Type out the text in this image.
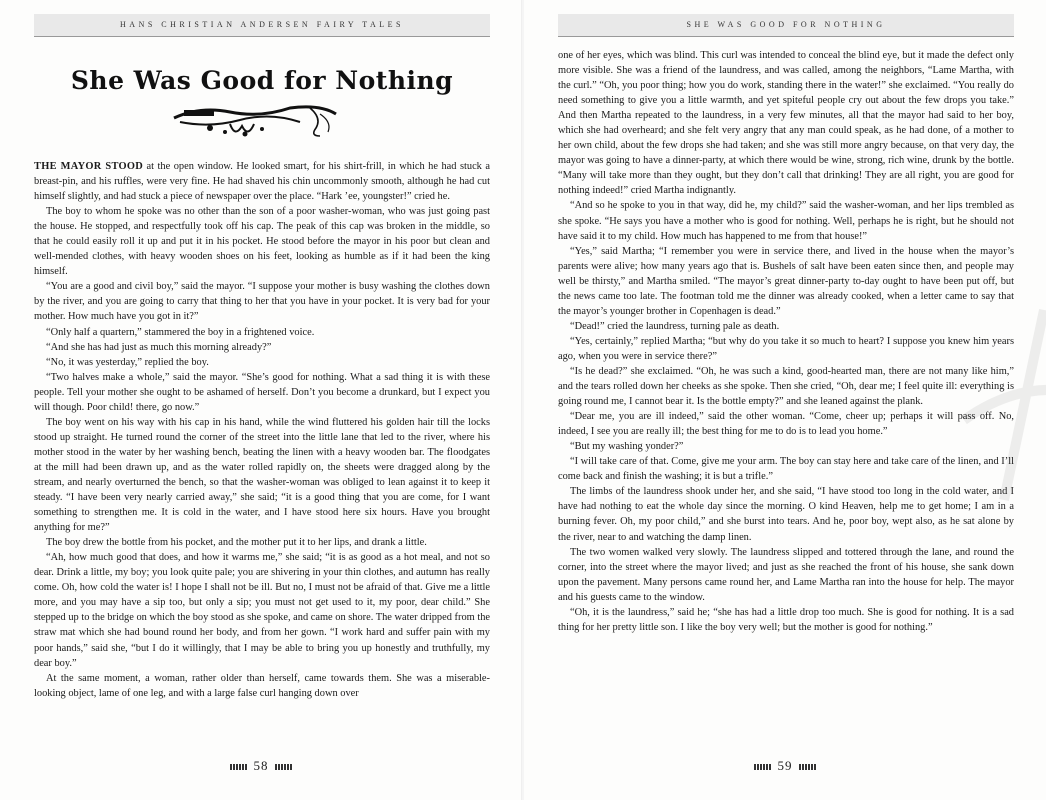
HANS CHRISTIAN ANDERSEN FAIRY TALES
She Was Good for Nothing

THE MAYOR STOOD at the open window. He looked smart, for his shirt-frill, in which he had stuck a breast-pin, and his ruffles, were very fine. He had shaved his chin uncommonly smooth, although he had cut himself slightly, and had stuck a piece of newspaper over the place. “Hark ’ee, youngster!” cried he.

The boy to whom he spoke was no other than the son of a poor washer-woman, who was just going past the house. He stopped, and respectfully took off his cap. The peak of this cap was broken in the middle, so that he could easily roll it up and put it in his pocket. He stood before the mayor in his poor but clean and well-mended clothes, with heavy wooden shoes on his feet, looking as humble as if it had been the king himself.

“You are a good and civil boy,” said the mayor. “I suppose your mother is busy washing the clothes down by the river, and you are going to carry that thing to her that you have in your pocket. It is very bad for your mother. How much have you got in it?”

“Only half a quartern,” stammered the boy in a frightened voice.

“And she has had just as much this morning already?”

“No, it was yesterday,” replied the boy.

“Two halves make a whole,” said the mayor. “She’s good for nothing. What a sad thing it is with these people. Tell your mother she ought to be ashamed of herself. Don’t you become a drunkard, but I expect you will though. Poor child! there, go now.”

The boy went on his way with his cap in his hand, while the wind fluttered his golden hair till the locks stood up straight. He turned round the corner of the street into the little lane that led to the river, where his mother stood in the water by her washing bench, beating the linen with a heavy wooden bar. The floodgates at the mill had been drawn up, and as the water rolled rapidly on, the sheets were dragged along by the stream, and nearly overturned the bench, so that the washer-woman was obliged to lean against it to keep it steady. “I have been very nearly carried away,” she said; “it is a good thing that you are come, for I want something to strengthen me. It is cold in the water, and I have stood here six hours. Have you brought anything for me?”

The boy drew the bottle from his pocket, and the mother put it to her lips, and drank a little.

“Ah, how much good that does, and how it warms me,” she said; “it is as good as a hot meal, and not so dear. Drink a little, my boy; you look quite pale; you are shivering in your thin clothes, and autumn has really come. Oh, how cold the water is! I hope I shall not be ill. But no, I must not be afraid of that. Give me a little more, and you may have a sip too, but only a sip; you must not get used to it, my poor, dear child.” She stepped up to the bridge on which the boy stood as she spoke, and came on shore. The water dripped from the straw mat which she had bound round her body, and from her gown. “I work hard and suffer pain with my poor hands,” said she, “but I do it willingly, that I may be able to bring you up honestly and truthfully, my dear boy.”

At the same moment, a woman, rather older than herself, came towards them. She was a miserable-looking object, lame of one leg, and with a large false curl hanging down over

58
SHE WAS GOOD FOR NOTHING

one of her eyes, which was blind. This curl was intended to conceal the blind eye, but it made the defect only more visible. She was a friend of the laundress, and was called, among the neighbors, “Lame Martha, with the curl.” “Oh, you poor thing; how you do work, standing there in the water!” she exclaimed. “You really do need something to give you a little warmth, and yet spiteful people cry out about the few drops you take.” And then Martha repeated to the laundress, in a very few minutes, all that the mayor had said to her boy, which she had overheard; and she felt very angry that any man could speak, as he had done, of a mother to her own child, about the few drops she had taken; and she was still more angry because, on that very day, the mayor was going to have a dinner-party, at which there would be wine, strong, rich wine, drunk by the bottle. “Many will take more than they ought, but they don’t call that drinking! They are all right, you are good for nothing indeed!” cried Martha indignantly.

“And so he spoke to you in that way, did he, my child?” said the washer-woman, and her lips trembled as she spoke. “He says you have a mother who is good for nothing. Well, perhaps he is right, but he should not have said it to my child. How much has happened to me from that house!”

“Yes,” said Martha; “I remember you were in service there, and lived in the house when the mayor’s parents were alive; how many years ago that is. Bushels of salt have been eaten since then, and people may well be thirsty,” and Martha smiled. “The mayor’s great dinner-party to-day ought to have been put off, but the news came too late. The footman told me the dinner was already cooked, when a letter came to say that the mayor’s younger brother in Copenhagen is dead.”

“Dead!” cried the laundress, turning pale as death.

“Yes, certainly,” replied Martha; “but why do you take it so much to heart? I suppose you knew him years ago, when you were in service there?”

“Is he dead?” she exclaimed. “Oh, he was such a kind, good-hearted man, there are not many like him,” and the tears rolled down her cheeks as she spoke. Then she cried, “Oh, dear me; I feel quite ill: everything is going round me, I cannot bear it. Is the bottle empty?” and she leaned against the plank.

“Dear me, you are ill indeed,” said the other woman. “Come, cheer up; perhaps it will pass off. No, indeed, I see you are really ill; the best thing for me to do is to lead you home.”

“But my washing yonder?”

“I will take care of that. Come, give me your arm. The boy can stay here and take care of the linen, and I’ll come back and finish the washing; it is but a trifle.”

The limbs of the laundress shook under her, and she said, “I have stood too long in the cold water, and I have had nothing to eat the whole day since the morning. O kind Heaven, help me to get home; I am in a burning fever. Oh, my poor child,” and she burst into tears. And he, poor boy, wept also, as he sat alone by the river, near to and watching the damp linen.

The two women walked very slowly. The laundress slipped and tottered through the lane, and round the corner, into the street where the mayor lived; and just as she reached the front of his house, she sank down upon the pavement. Many persons came round her, and Lame Martha ran into the house for help. The mayor and his guests came to the window.

“Oh, it is the laundress,” said he; “she has had a little drop too much. She is good for nothing. It is a sad thing for her pretty little son. I like the boy very well; but the mother is good for nothing.”

59
